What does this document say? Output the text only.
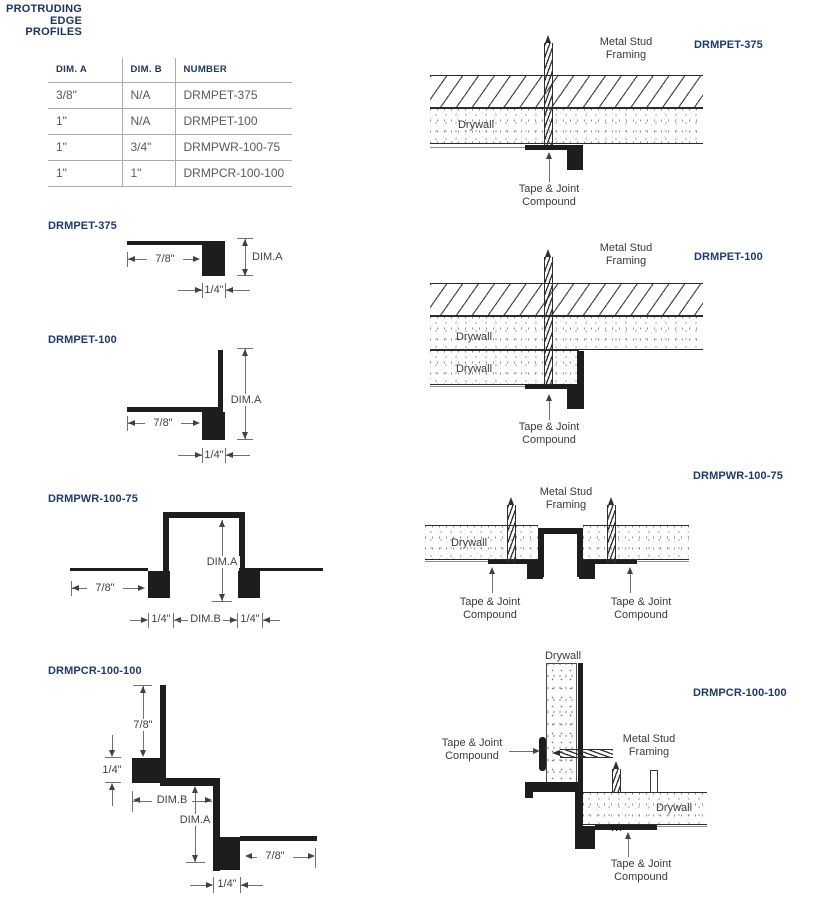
PROTRUDING EDGE PROFILES
DIM. A	DIM. B	NUMBER
3/8"	N/A	DRMPET-375
1"	N/A	DRMPET-100
1"	3/4"	DRMPWR-100-75
1"	1"	DRMPCR-100-100
DRMPET-375
DIM.A
7/8"
1/4"
DRMPET-100
DIM.A
7/8"
1/4"
DRMPWR-100-75
DIM.A
7/8"
1/4" DIM.B 1/4"
DRMPCR-100-100
7/8"
1/4"
DIM.B
DIM.A
7/8"
1/4"
Metal Stud Framing
DRMPET-375
Drywall
Tape & Joint Compound
Metal Stud Framing	DRMPET-100
Drywall
Drywall
Tape & Joint Compound
DRMPWR-100-75
Metal Stud Framing
Drywall
Tape & Joint Compound
Tape & Joint Compound
Drywall
DRMPCR-100-100
Tape & Joint Compound
Metal Stud Framing
Drywall
Tape & Joint Compound
